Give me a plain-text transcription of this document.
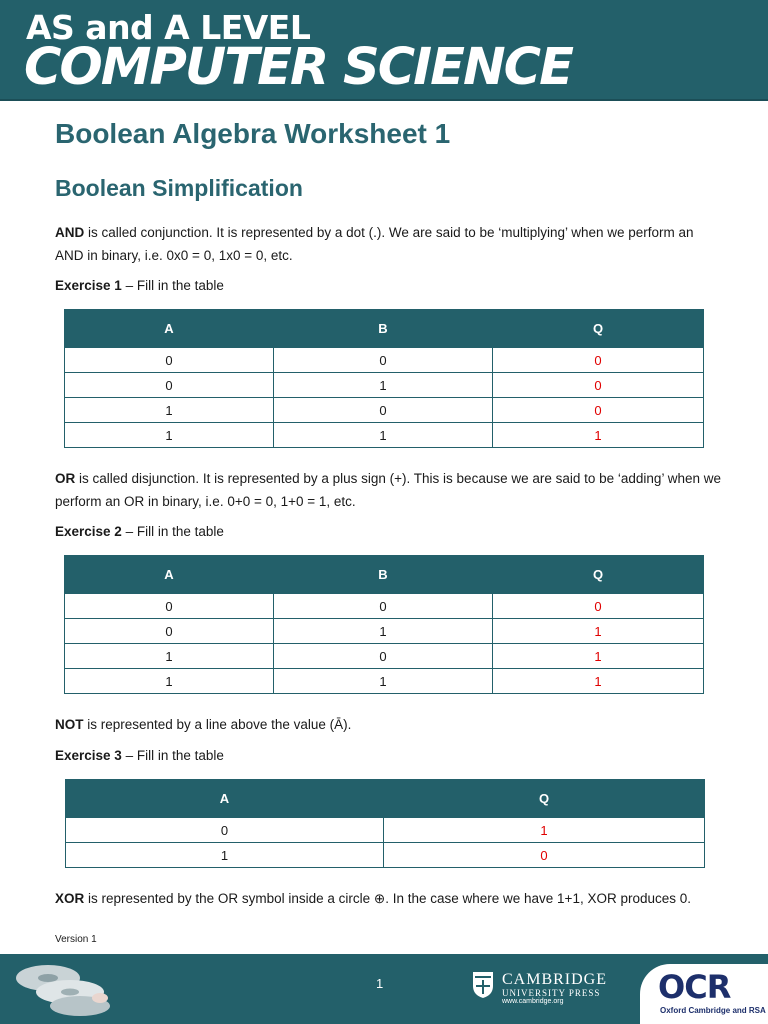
AS and A LEVEL
COMPUTER SCIENCE
Boolean Algebra Worksheet 1
Boolean Simplification

AND is called conjunction. It is represented by a dot (.). We are said to be ‘multiplying’ when we perform an AND in binary, i.e. 0x0 = 0, 1x0 = 0, etc.

Exercise 1 – Fill in the table

A	B	Q
0	0	0
0	1	0
1	0	0
1	1	1

OR is called disjunction. It is represented by a plus sign (+). This is because we are said to be ‘adding’ when we perform an OR in binary, i.e. 0+0 = 0, 1+0 = 1, etc.

Exercise 2 – Fill in the table

A	B	Q
0	0	0
0	1	1
1	0	1
1	1	1

NOT is represented by a line above the value (Ā).

Exercise 3 – Fill in the table

A	Q
0	1
1	0

XOR is represented by the OR symbol inside a circle ⊕. In the case where we have 1+1, XOR produces 0.

Version 1
1	CAMBRIDGE
UNIVERSITY PRESS
www.cambridge.org	OCR
Oxford Cambridge and RSA
